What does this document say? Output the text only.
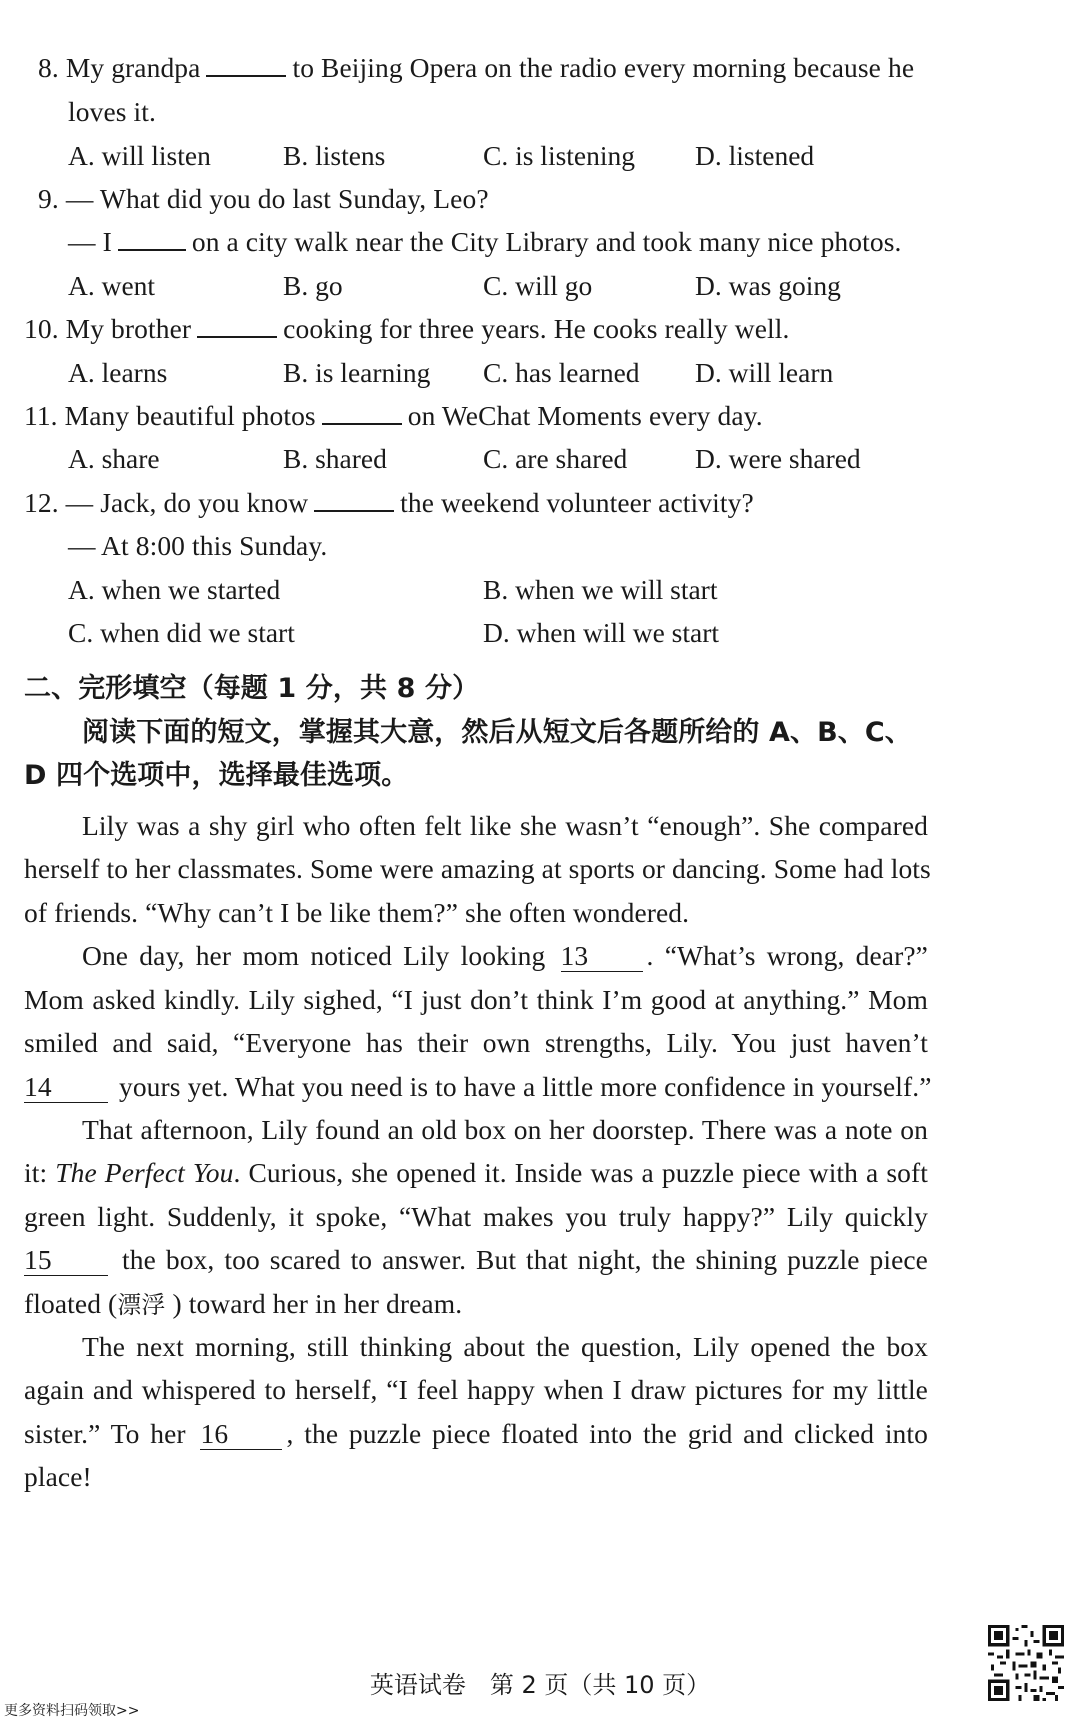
8. My grandpa	to Beijing Opera on the radio every morning because he
loves it.
A. will listen	B. listens	C. is listening D. listened
9. — What did you do last Sunday, Leo?
— I	on a city walk near the City Library and took many nice photos.
A. went	B. go	C. will go	D. was going
10. My brother	cooking for three years. He cooks really well.
A. learns	B. is learning C. has learned D. will learn
11. Many beautiful photos	on WeChat Moments every day.
A. share	B. shared	C. are shared D. were shared
12. — Jack, do you know	the weekend volunteer activity?
— At 8:00 this Sunday.
A. when we started	B. when we will start
C. when did we start	D. when will we start
二、完形填空（每题 1 分，共 8 分）
阅读下面的短文，掌握其大意，然后从短文后各题所给的 A、B、C、
D 四个选项中，选择最佳选项。
Lily was a shy girl who often felt like she wasn’t “enough”. She compared
herself to her classmates. Some were amazing at sports or dancing. Some had lots
of friends. “Why can’t I be like them?” she often wondered.
One day, her mom noticed Lily looking 13 . “What’s wrong, dear?”
Mom asked kindly. Lily sighed, “I just don’t think I’m good at anything.” Mom
smiled and said, “Everyone has their own strengths, Lily. You just haven’t
14 yours yet. What you need is to have a little more confidence in yourself.”
That afternoon, Lily found an old box on her doorstep. There was a note on
it: The Perfect You. Curious, she opened it. Inside was a puzzle piece with a soft
green light. Suddenly, it spoke, “What makes you truly happy?” Lily quickly
15	the box, too scared to answer. But that night, the shining puzzle piece
floated (漂浮 ) toward her in her dream.
The next morning, still thinking about the question, Lily opened the box
again and whispered to herself, “I feel happy when I draw pictures for my little
sister.” To her 16 , the puzzle piece floated into the grid and clicked into
place!
英语试卷　第 2 页（共 10 页）
更多资料扫码领取>>
